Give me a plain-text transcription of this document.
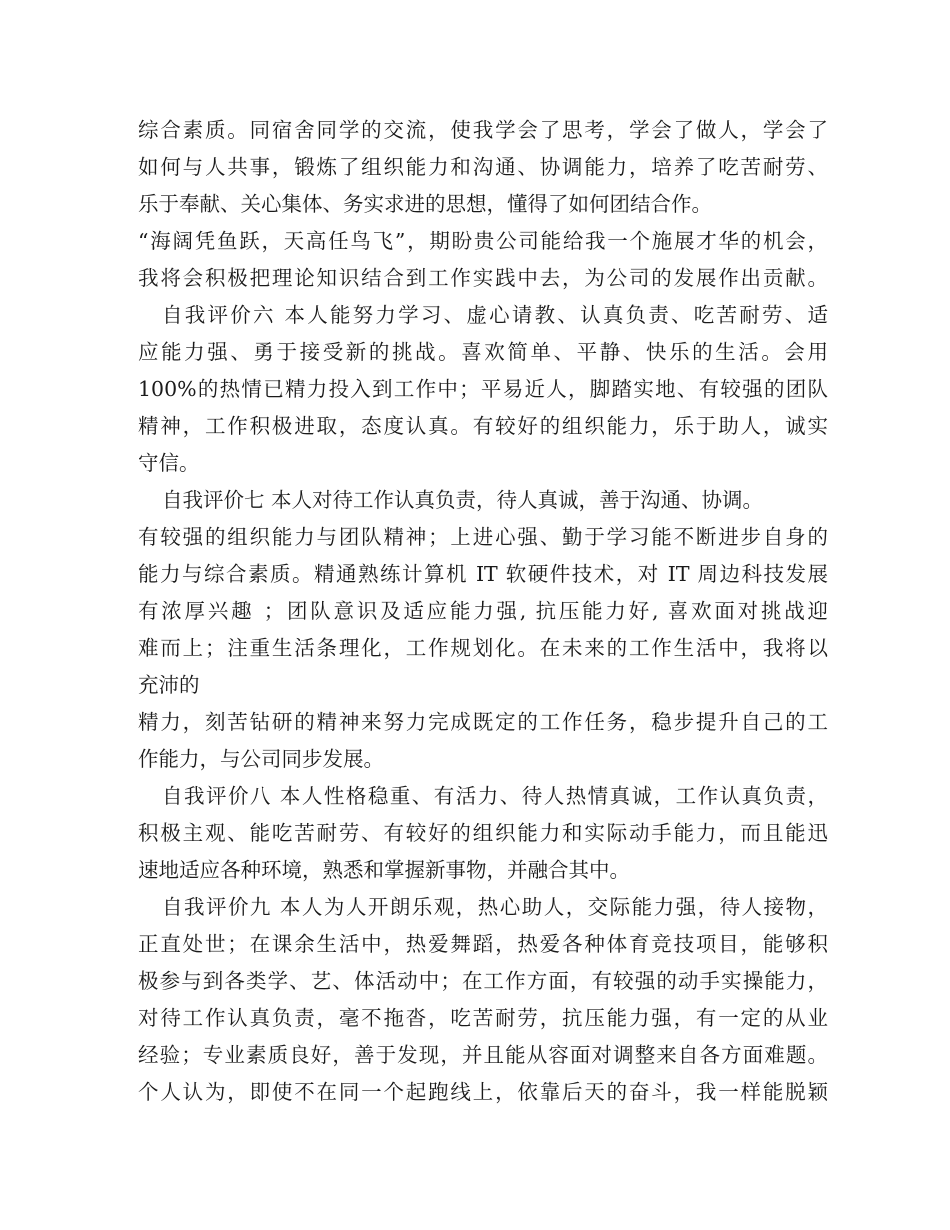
综合素质。同宿舍同学的交流，使我学会了思考，学会了做人，学会了
如何与人共事，锻炼了组织能力和沟通、协调能力，培养了吃苦耐劳、
乐于奉献、关心集体、务实求进的思想，懂得了如何团结合作。
“海阔凭鱼跃，天高任鸟飞”，期盼贵公司能给我一个施展才华的机会，
我将会积极把理论知识结合到工作实践中去，为公司的发展作出贡献。
自我评价六 本人能努力学习、虚心请教、认真负责、吃苦耐劳、适
应能力强、勇于接受新的挑战。喜欢简单、平静、快乐的生活。会用
100%的热情已精力投入到工作中；平易近人，脚踏实地、有较强的团队
精神，工作积极进取，态度认真。有较好的组织能力，乐于助人，诚实
守信。
自我评价七 本人对待工作认真负责，待人真诚，善于沟通、协调。
有较强的组织能力与团队精神；上进心强、勤于学习能不断进步自身的
能力与综合素质。精通熟练计算机 IT 软硬件技术，对 IT 周边科技发展
有浓厚兴趣 ；团队意识及适应能力强, 抗压能力好, 喜欢面对挑战迎
难而上；注重生活条理化，工作规划化。在未来的工作生活中，我将以
充沛的
精力，刻苦钻研的精神来努力完成既定的工作任务，稳步提升自己的工
作能力，与公司同步发展。
自我评价八 本人性格稳重、有活力、待人热情真诚，工作认真负责，
积极主观、能吃苦耐劳、有较好的组织能力和实际动手能力，而且能迅
速地适应各种环境，熟悉和掌握新事物，并融合其中。
自我评价九 本人为人开朗乐观，热心助人，交际能力强，待人接物，
正直处世；在课余生活中，热爱舞蹈，热爱各种体育竞技项目，能够积
极参与到各类学、艺、体活动中；在工作方面，有较强的动手实操能力，
对待工作认真负责，毫不拖沓，吃苦耐劳，抗压能力强，有一定的从业
经验；专业素质良好，善于发现，并且能从容面对调整来自各方面难题。
个人认为，即使不在同一个起跑线上，依靠后天的奋斗，我一样能脱颖
